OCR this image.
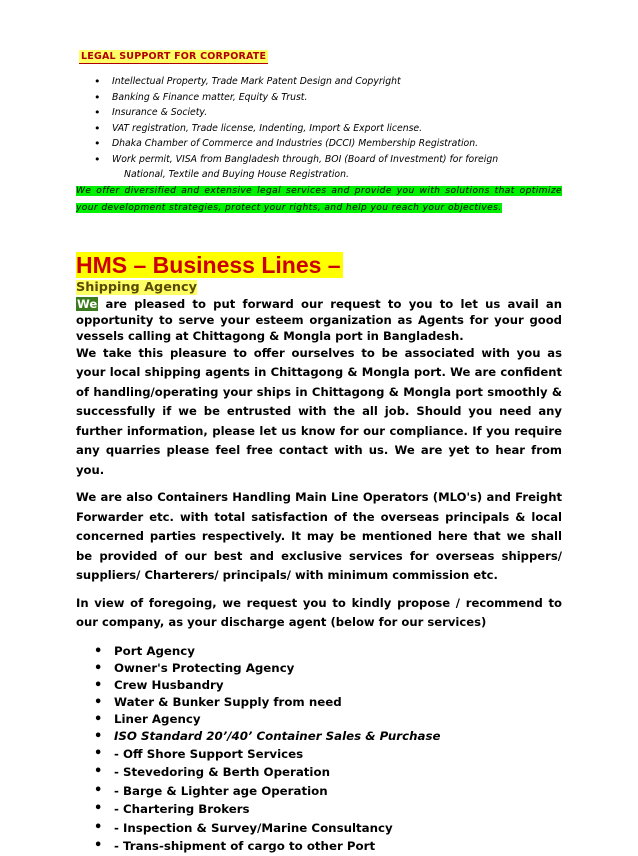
LEGAL SUPPORT FOR CORPORATE
• Intellectual Property, Trade Mark Patent Design and Copyright
• Banking & Finance matter, Equity & Trust.
• Insurance & Society.
• VAT registration, Trade license, Indenting, Import & Export license.
• Dhaka Chamber of Commerce and Industries (DCCI) Membership Registration.
• Work permit, VISA from Bangladesh through, BOI (Board of Investment) for foreign
National, Textile and Buying House Registration.
We offer diversified and extensive legal services and provide you with solutions that optimize your development strategies, protect your rights, and help you reach your objectives.
HMS – Business Lines –
Shipping Agency

We are pleased to put forward our request to you to let us avail an opportunity to serve your esteem organization as Agents for your good vessels calling at Chittagong & Mongla port in Bangladesh.

We take this pleasure to offer ourselves to be associated with you as your local shipping agents in Chittagong & Mongla port. We are confident of handling/operating your ships in Chittagong & Mongla port smoothly & successfully if we be entrusted with the all job. Should you need any further information, please let us know for our compliance. If you require any quarries please feel free contact with us. We are yet to hear from you.

We are also Containers Handling Main Line Operators (MLO's) and Freight Forwarder etc. with total satisfaction of the overseas principals & local concerned parties respectively. It may be mentioned here that we shall be provided of our best and exclusive services for overseas shippers/ suppliers/ Charterers/ principals/ with minimum commission etc.

In view of foregoing, we request you to kindly propose / recommend to our company, as your discharge agent (below for our services)

• Port Agency
• Owner's Protecting Agency
• Crew Husbandry
• Water & Bunker Supply from need
• Liner Agency
• ISO Standard 20’/40’ Container Sales & Purchase
• - Off Shore Support Services
• - Stevedoring & Berth Operation
• - Barge & Lighter age Operation
• - Chartering Brokers
• - Inspection & Survey/Marine Consultancy
• - Trans-shipment of cargo to other Port
